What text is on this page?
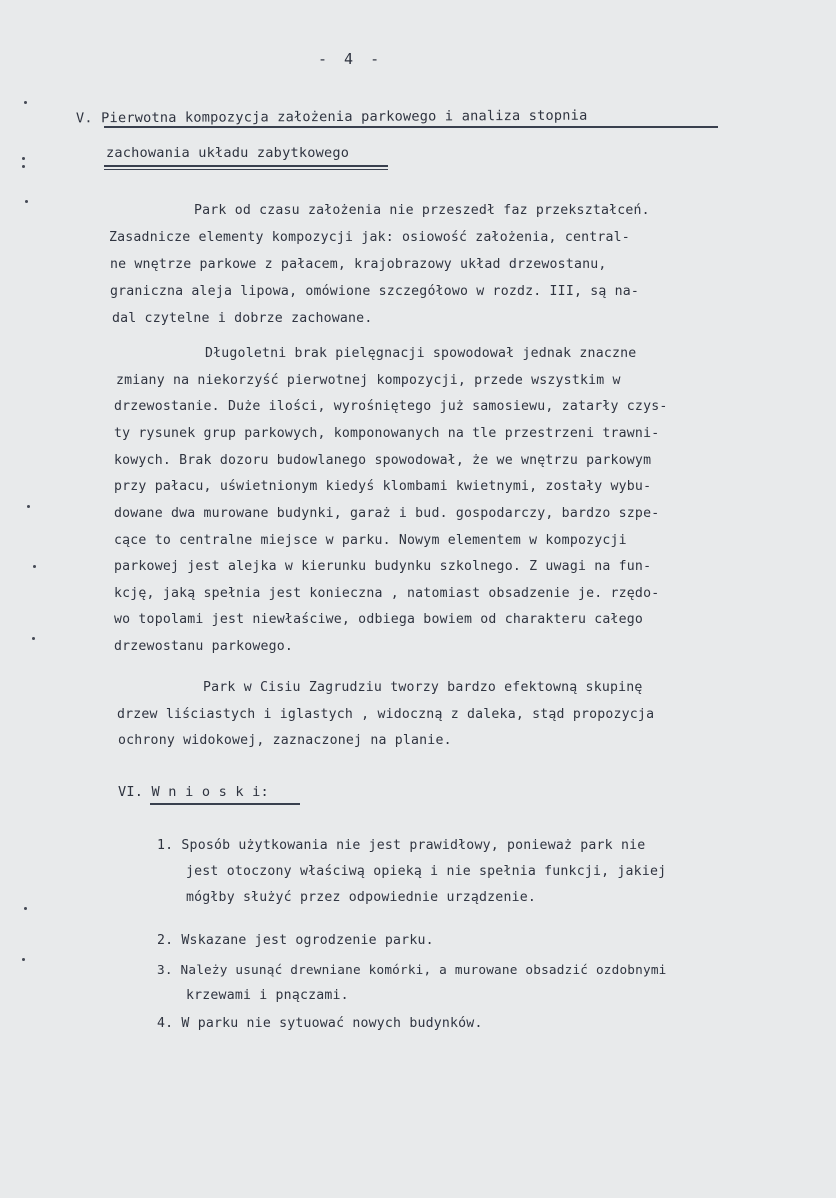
- 4 -
V. Pierwotna kompozycja założenia parkowego i analiza stopnia
zachowania układu zabytkowego
Park od czasu założenia nie przeszedł faz przekształceń.
Zasadnicze elementy kompozycji jak: osiowość założenia, central-
ne wnętrze parkowe z pałacem, krajobrazowy układ drzewostanu,
graniczna aleja lipowa, omówione szczegółowo w rozdz. III, są na-
dal czytelne i dobrze zachowane.
Długoletni brak pielęgnacji spowodował jednak znaczne
zmiany na niekorzyść pierwotnej kompozycji, przede wszystkim w
drzewostanie. Duże ilości, wyrośniętego już samosiewu, zatarły czys-
ty rysunek grup parkowych, komponowanych na tle przestrzeni trawni-
kowych. Brak dozoru budowlanego spowodował, że we wnętrzu parkowym
przy pałacu, uświetnionym kiedyś klombami kwietnymi, zostały wybu-
dowane dwa murowane budynki, garaż i bud. gospodarczy, bardzo szpe-
cące to centralne miejsce w parku. Nowym elementem w kompozycji
parkowej jest alejka w kierunku budynku szkolnego. Z uwagi na fun-
kcję, jaką spełnia jest konieczna , natomiast obsadzenie je. rzędo-
wo topolami jest niewłaściwe, odbiega bowiem od charakteru całego
drzewostanu parkowego.
Park w Cisiu Zagrudziu tworzy bardzo efektowną skupinę
drzew liściastych i iglastych , widoczną z daleka, stąd propozycja
ochrony widokowej, zaznaczonej na planie.
VI. W n i o s k i:
1. Sposób użytkowania nie jest prawidłowy, ponieważ park nie
jest otoczony właściwą opieką i nie spełnia funkcji, jakiej
mógłby służyć przez odpowiednie urządzenie.
2. Wskazane jest ogrodzenie parku.
3. Należy usunąć drewniane komórki, a murowane obsadzić ozdobnymi
krzewami i pnączami.
4. W parku nie sytuować nowych budynków.
